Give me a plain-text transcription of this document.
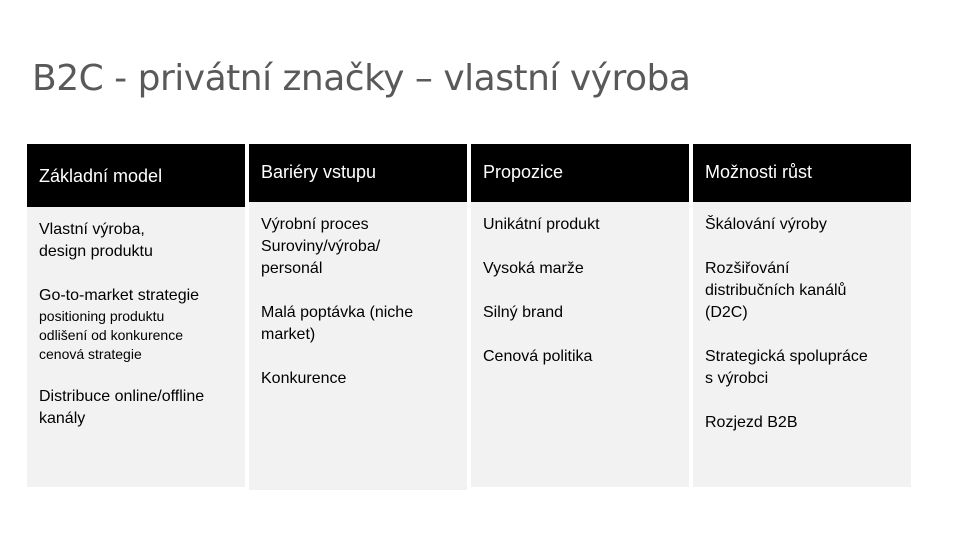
B2C - privátní značky – vlastní výroba
Základní model
Vlastní výroba,
design produktu
Go-to-market strategie
positioning produktu
odlišení od konkurence
cenová strategie
Distribuce online/offline
kanály
Bariéry vstupu
Výrobní proces
Suroviny/výroba/
personál
Malá poptávka (niche
market)
Konkurence
Propozice
Unikátní produkt
Vysoká marže
Silný brand
Cenová politika
Možnosti růst
Škálování výroby
Rozšiřování
distribučních kanálů
(D2C)
Strategická spolupráce
s výrobci
Rozjezd B2B
